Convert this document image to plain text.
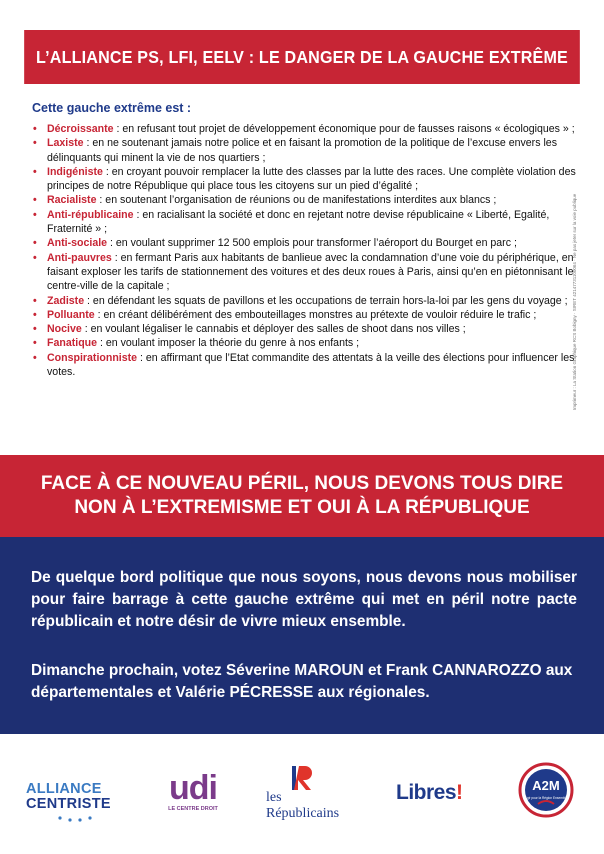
L’ALLIANCE PS, LFI, EELV : LE DANGER DE LA GAUCHE EXTRÊME
Cette gauche extrême est :
• Décroissante : en refusant tout projet de développement économique pour de fausses raisons « écologiques » ;
• Laxiste : en ne soutenant jamais notre police et en faisant la promotion de la politique de l’excuse envers les délinquants qui minent la vie de nos quartiers ;
• Indigéniste : en croyant pouvoir remplacer la lutte des classes par la lutte des races. Une complète violation des principes de notre République qui place tous les citoyens sur un pied d’égalité ;
• Racialiste : en soutenant l’organisation de réunions ou de manifestations interdites aux blancs ;
• Anti-républicaine : en racialisant la société et donc en rejetant notre devise républicaine « Liberté, Egalité, Fraternité » ;
• Anti-sociale : en voulant supprimer 12 500 emplois pour transformer l’aéroport du Bourget en parc ;
• Anti-pauvres : en fermant Paris aux habitants de banlieue avec la condamnation d’une voie du périphérique, en faisant exploser les tarifs de stationnement des voitures et des deux roues à Paris, ainsi qu’en en piétonnisant le centre-ville de la capitale ;
• Zadiste : en défendant les squats de pavillons et les occupations de terrain hors-la-loi par les gens du voyage ;
• Polluante : en créant délibérément des embouteillages monstres au prétexte de vouloir réduire le trafic ;
• Nocive : en voulant légaliser le cannabis et déployer des salles de shoot dans nos villes ;
• Fanatique : en voulant imposer la théorie du genre à nos enfants ;
• Conspirationniste : en affirmant que l’Etat commandite des attentats à la veille des élections pour influencer les votes.	Imprimeur : La Station Graphique RCS Bobigny · SIRET 42147731100064 · Ne pas jeter sur la voie publique
FACE À CE NOUVEAU PÉRIL, NOUS DEVONS TOUS DIRE
NON À L’EXTREMISME ET OUI À LA RÉPUBLIQUE
De quelque bord politique que nous soyons, nous devons nous mobiliser pour faire barrage à cette gauche extrême qui met en péril notre pacte républicain et notre désir de vivre mieux ensemble.
Dimanche prochain, votez Séverine MAROUN et Frank CANNAROZZO aux départementales et Valérie PÉCRESSE aux régionales.
ALLIANCE
CENTRISTE	udi
LE CENTRE DROIT
LR
les
Républicains
Libres!	A2M
Agir pour la Région Ensemble
